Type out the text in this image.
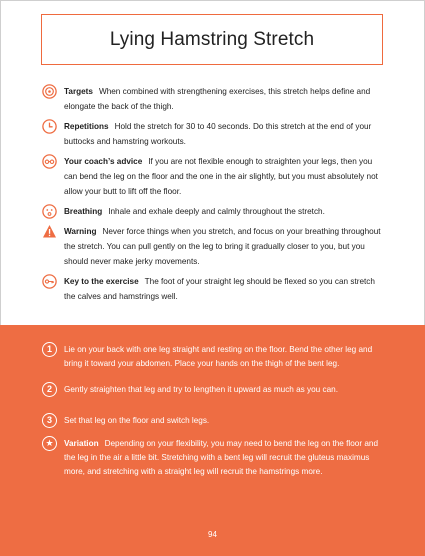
Lying Hamstring Stretch
Targets When combined with strengthening exercises, this stretch helps define and elongate the back of the thigh.
Repetitions Hold the stretch for 30 to 40 seconds. Do this stretch at the end of your buttocks and hamstring workouts.
Your coach’s advice If you are not flexible enough to straighten your legs, then you can bend the leg on the floor and the one in the air slightly, but you must absolutely not allow your butt to lift off the floor.
Breathing Inhale and exhale deeply and calmly throughout the stretch.
Warning Never force things when you stretch, and focus on your breathing throughout the stretch. You can pull gently on the leg to bring it gradually closer to you, but you should never make jerky movements.
Key to the exercise The foot of your straight leg should be flexed so you can stretch the calves and hamstrings well.
1	Lie on your back with one leg straight and resting on the floor. Bend the other leg and bring it toward your abdomen. Place your hands on the thigh of the bent leg.
2	Gently straighten that leg and try to lengthen it upward as much as you can.
3	Set that leg on the floor and switch legs.
★	Variation Depending on your flexibility, you may need to bend the leg on the floor and the leg in the air a little bit. Stretching with a bent leg will recruit the gluteus maximus more, and stretching with a straight leg will recruit the hamstrings more.
94
